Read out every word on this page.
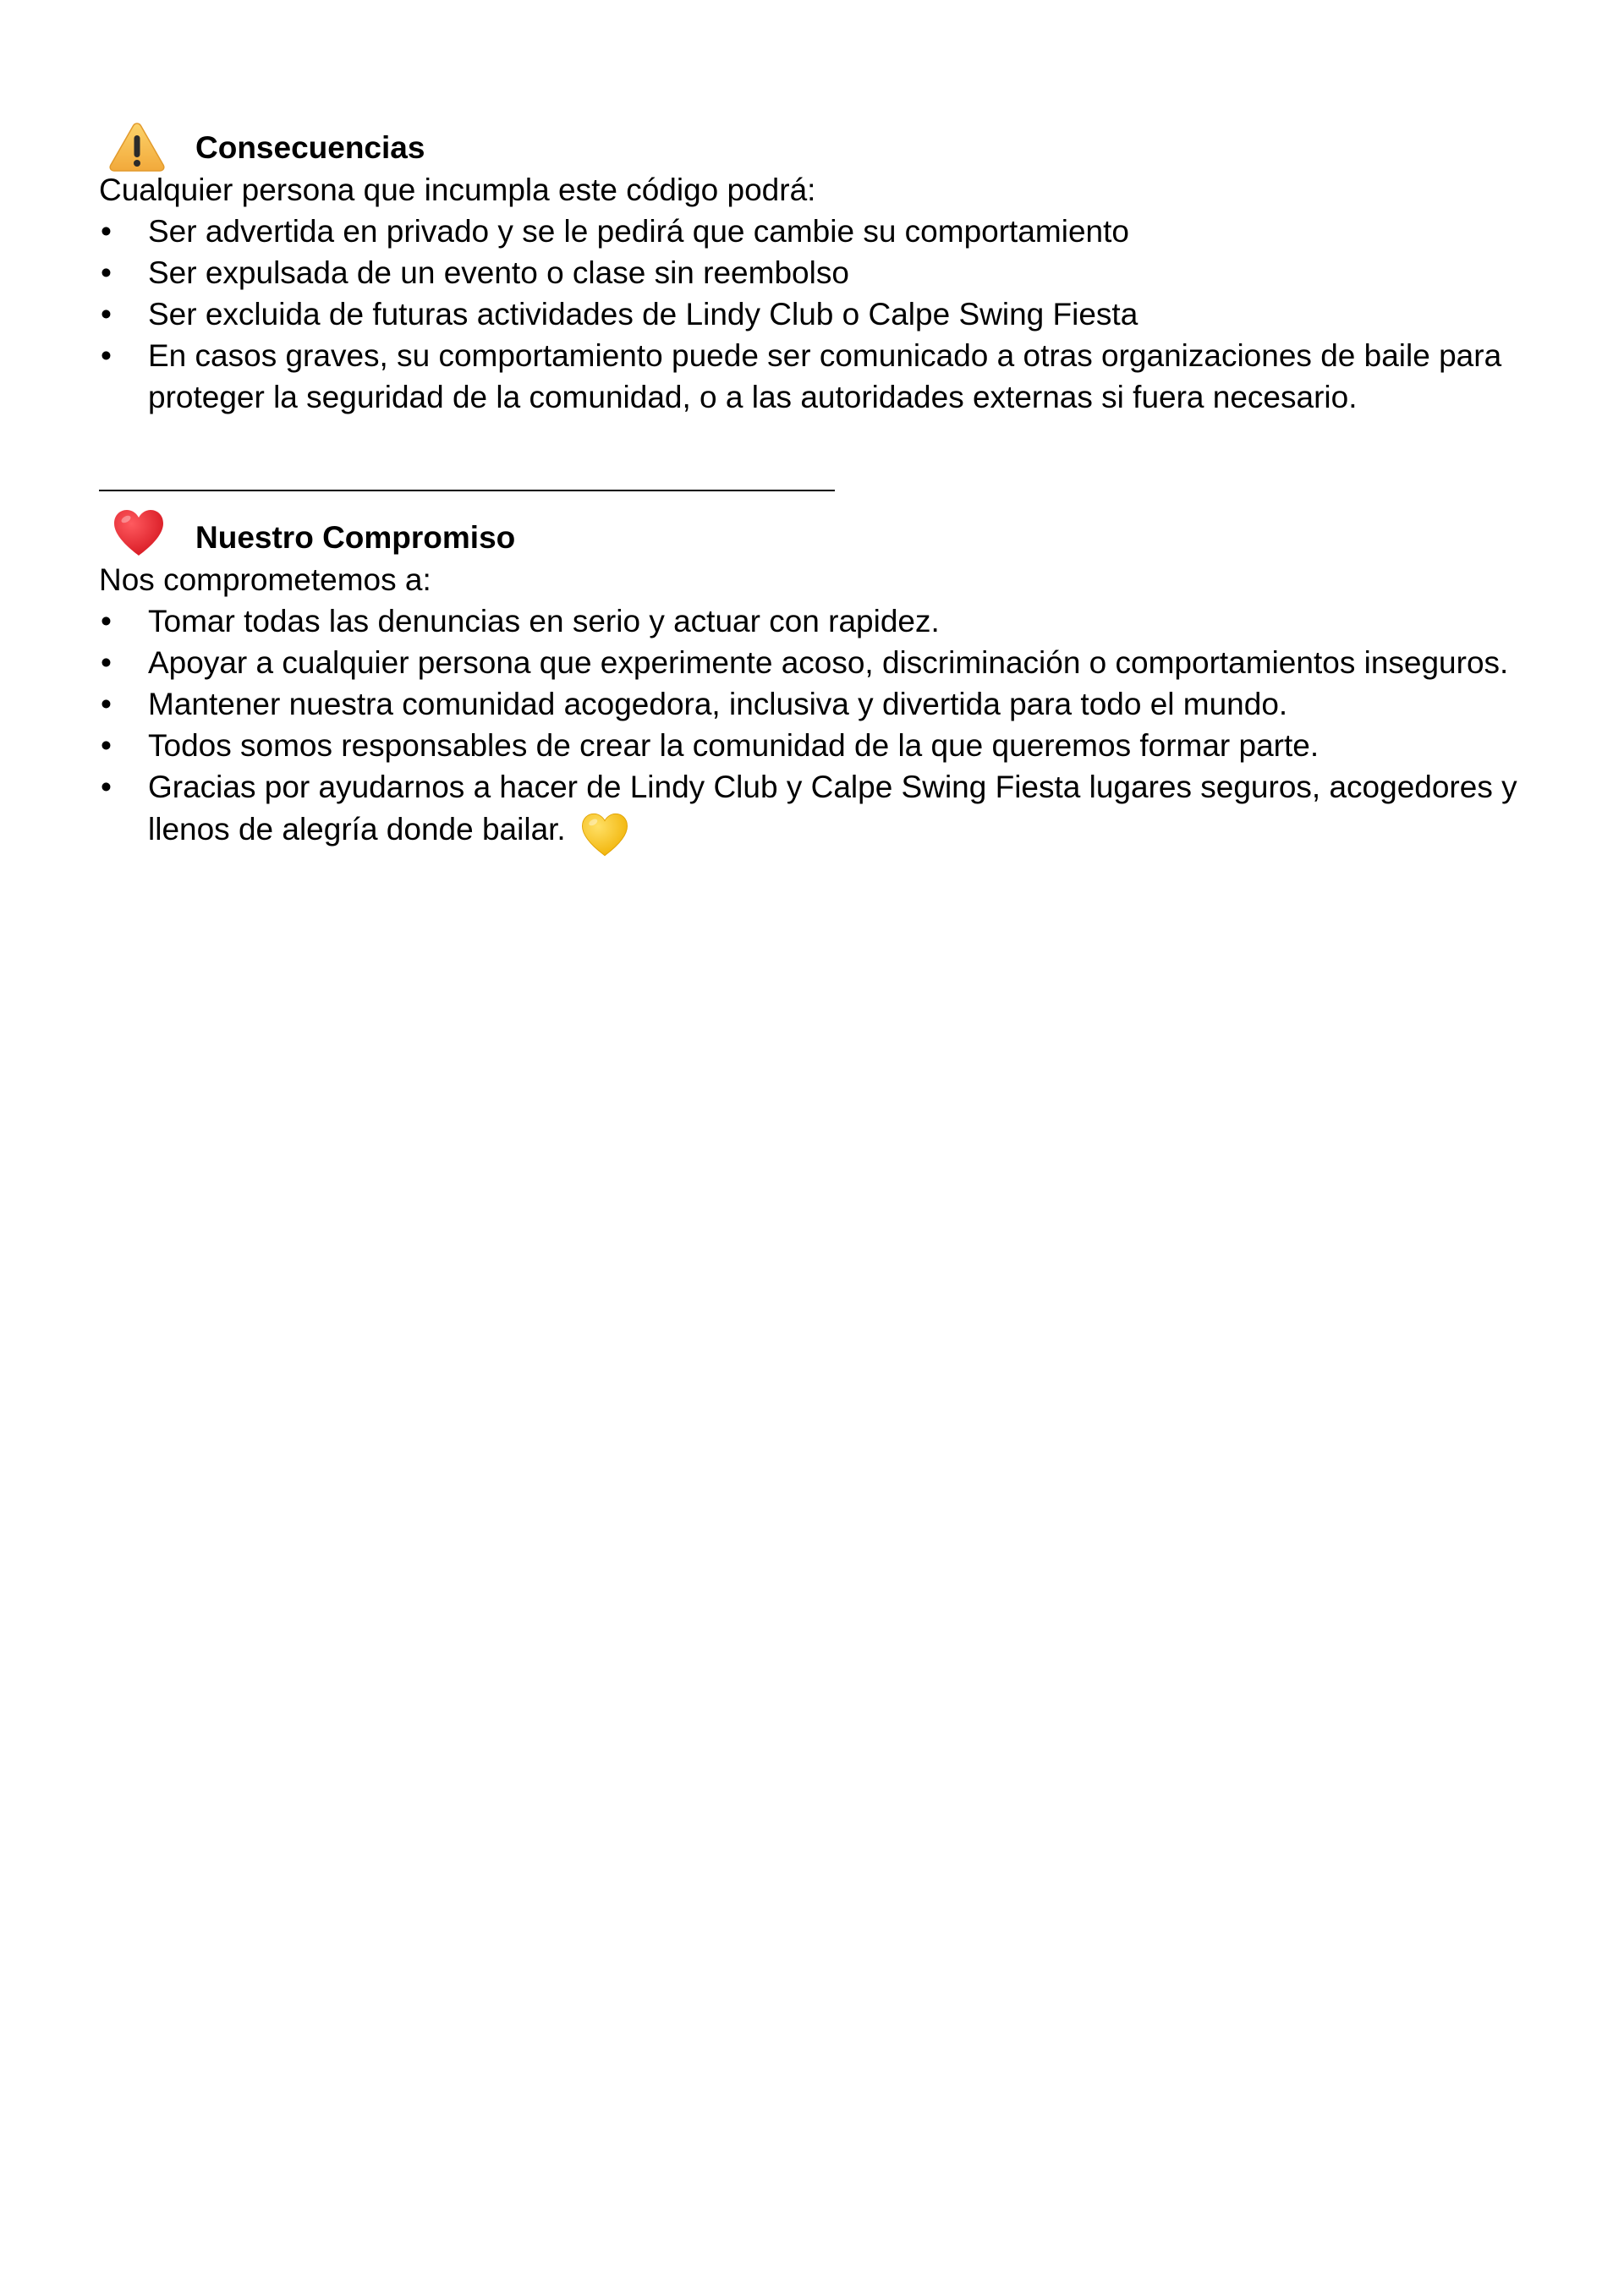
Consecuencias
Cualquier persona que incumpla este código podrá:
• Ser advertida en privado y se le pedirá que cambie su comportamiento
• Ser expulsada de un evento o clase sin reembolso
• Ser excluida de futuras actividades de Lindy Club o Calpe Swing Fiesta
• En casos graves, su comportamiento puede ser comunicado a otras organizaciones de baile para proteger la seguridad de la comunidad, o a las autoridades externas si fuera necesario.
Nuestro Compromiso
Nos comprometemos a:
• Tomar todas las denuncias en serio y actuar con rapidez.
• Apoyar a cualquier persona que experimente acoso, discriminación o comportamientos inseguros.
• Mantener nuestra comunidad acogedora, inclusiva y divertida para todo el mundo.
• Todos somos responsables de crear la comunidad de la que queremos formar parte.
• Gracias por ayudarnos a hacer de Lindy Club y Calpe Swing Fiesta lugares seguros, acogedores y llenos de alegría donde bailar.
